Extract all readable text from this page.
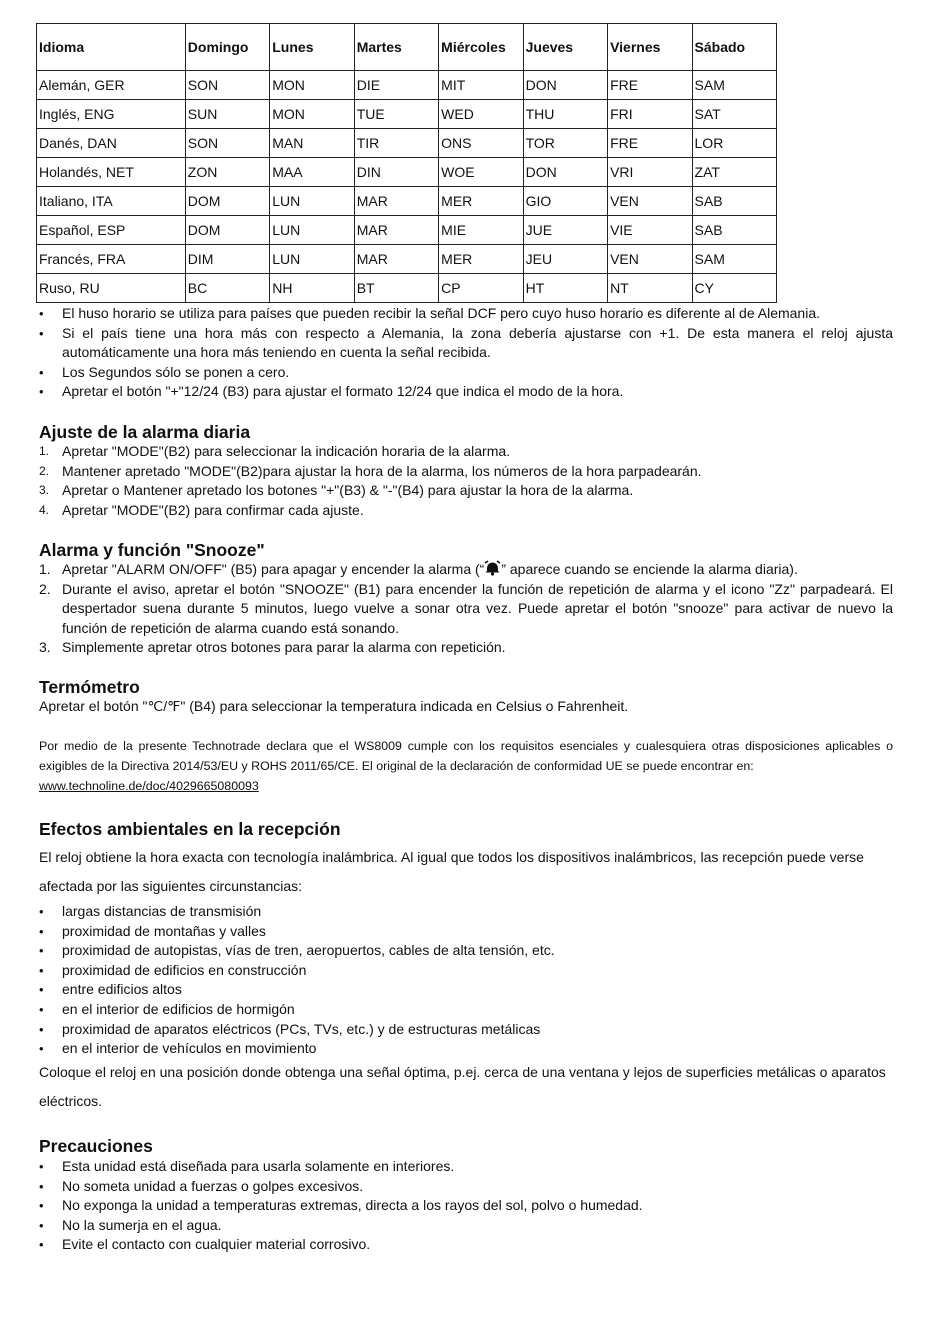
Idioma	Domingo	Lunes	Martes	Miércoles	Jueves	Viernes	Sábado
Alemán, GER	SON	MON	DIE	MIT	DON	FRE	SAM
Inglés, ENG	SUN	MON	TUE	WED	THU	FRI	SAT
Danés, DAN	SON	MAN	TIR	ONS	TOR	FRE	LOR
Holandés, NET	ZON	MAA	DIN	WOE	DON	VRI	ZAT
Italiano, ITA	DOM	LUN	MAR	MER	GIO	VEN	SAB
Español, ESP	DOM	LUN	MAR	MIE	JUE	VIE	SAB
Francés, FRA	DIM	LUN	MAR	MER	JEU	VEN	SAM
Ruso, RU	BC	NH	BT	CP	HT	NT	CY
• El huso horario se utiliza para países que pueden recibir la señal DCF pero cuyo huso horario es diferente al de Alemania.
• Si el país tiene una hora más con respecto a Alemania, la zona debería ajustarse con +1. De esta manera el reloj ajusta automáticamente una hora más teniendo en cuenta la señal recibida.
• Los Segundos sólo se ponen a cero.
• Apretar el botón "+"12/24 (B3) para ajustar el formato 12/24 que indica el modo de la hora.
Ajuste de la alarma diaria
1. Apretar "MODE"(B2) para seleccionar la indicación horaria de la alarma.
2. Mantener apretado "MODE"(B2)para ajustar la hora de la alarma, los números de la hora parpadearán.
3. Apretar o Mantener apretado los botones "+"(B3) & "-"(B4) para ajustar la hora de la alarma.
4. Apretar "MODE"(B2) para confirmar cada ajuste.
Alarma y función "Snooze"
1. Apretar "ALARM ON/OFF" (B5) para apagar y encender la alarma (“ ” aparece cuando se enciende la alarma diaria).
2. Durante el aviso, apretar el botón "SNOOZE" (B1) para encender la función de repetición de alarma y el icono "Zz" parpadeará. El despertador suena durante 5 minutos, luego vuelve a sonar otra vez. Puede apretar el botón "snooze" para activar de nuevo la función de repetición de alarma cuando está sonando.
3. Simplemente apretar otros botones para parar la alarma con repetición.
Termómetro

Apretar el botón "℃/℉" (B4) para seleccionar la temperatura indicada en Celsius o Fahrenheit.

Por medio de la presente Technotrade declara que el WS8009 cumple con los requisitos esenciales y cualesquiera otras disposiciones aplicables o exigibles de la Directiva 2014/53/EU y ROHS 2011/65/CE. El original de la declaración de conformidad UE se puede encontrar en:
www.technoline.de/doc/4029665080093
Efectos ambientales en la recepción

El reloj obtiene la hora exacta con tecnología inalámbrica. Al igual que todos los dispositivos inalámbricos, las recepción puede verse afectada por las siguientes circunstancias:

• largas distancias de transmisión
• proximidad de montañas y valles
• proximidad de autopistas, vías de tren, aeropuertos, cables de alta tensión, etc.
• proximidad de edificios en construcción
• entre edificios altos
• en el interior de edificios de hormigón
• proximidad de aparatos eléctricos (PCs, TVs, etc.) y de estructuras metálicas
• en el interior de vehículos en movimiento

Coloque el reloj en una posición donde obtenga una señal óptima, p.ej. cerca de una ventana y lejos de superficies metálicas o aparatos eléctricos.

Precauciones
• Esta unidad está diseñada para usarla solamente en interiores.
• No someta unidad a fuerzas o golpes excesivos.
• No exponga la unidad a temperaturas extremas, directa a los rayos del sol, polvo o humedad.
• No la sumerja en el agua.
• Evite el contacto con cualquier material corrosivo.
